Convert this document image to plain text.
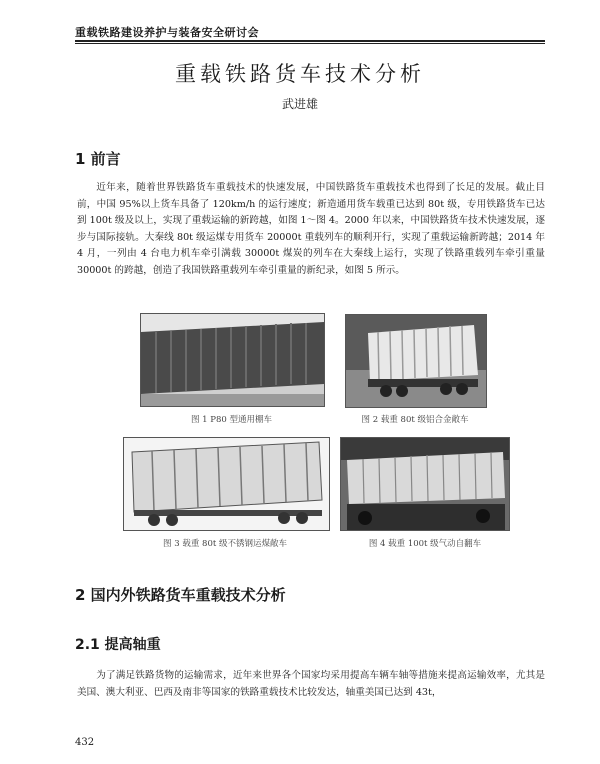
重载铁路建设养护与装备安全研讨会
重载铁路货车技术分析
武进雄
1 前言
近年来，随着世界铁路货车重载技术的快速发展，中国铁路货车重载技术也得到了长足的发展。截止目前，中国 95%以上货车具备了 120km/h 的运行速度；新造通用货车载重已达到 80t 级，专用铁路货车已达到 100t 级及以上，实现了重载运输的新跨越，如图 1～图 4。2000 年以来，中国铁路货车技术快速发展，逐步与国际接轨。大秦线 80t 级运煤专用货车 20000t 重载列车的顺利开行，实现了重载运输新跨越；2014 年 4 月，一列由 4 台电力机车牵引满载 30000t 煤炭的列车在大秦线上运行，实现了铁路重载列车牵引重量 30000t 的跨越，创造了我国铁路重载列车牵引重量的新纪录，如图 5 所示。
图 1 P80 型通用棚车	图 2 载重 80t 级铝合金敞车
图 3 载重 80t 级不锈钢运煤敞车	图 4 载重 100t 级气动自翻车
2 国内外铁路货车重载技术分析
2.1 提高轴重
为了满足铁路货物的运输需求，近年来世界各个国家均采用提高车辆车轴等措施来提高运输效率，尤其是美国、澳大利亚、巴西及南非等国家的铁路重载技术比较发达，轴重美国已达到 43t，
432
